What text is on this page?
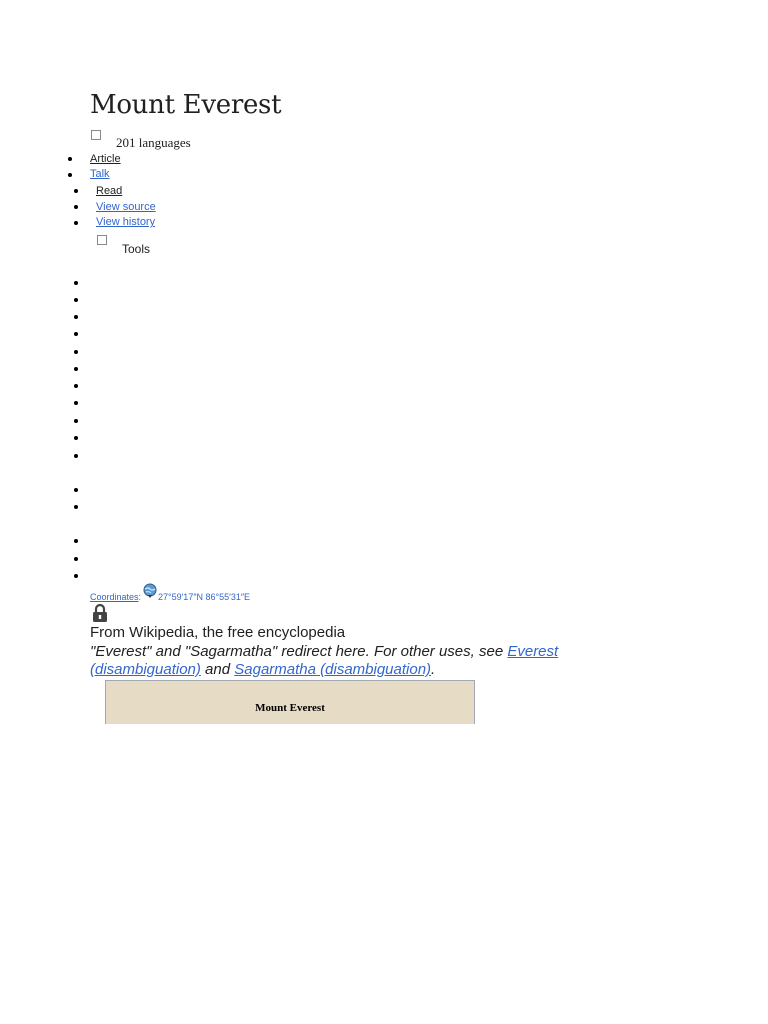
Mount Everest
201 languages
Article
Talk
Read
View source
View history
Tools
Coordinates: 27°59′17″N 86°55′31″E
From Wikipedia, the free encyclopedia
"Everest" and "Sagarmatha" redirect here. For other uses, see Everest (disambiguation) and Sagarmatha (disambiguation).
Mount Everest
